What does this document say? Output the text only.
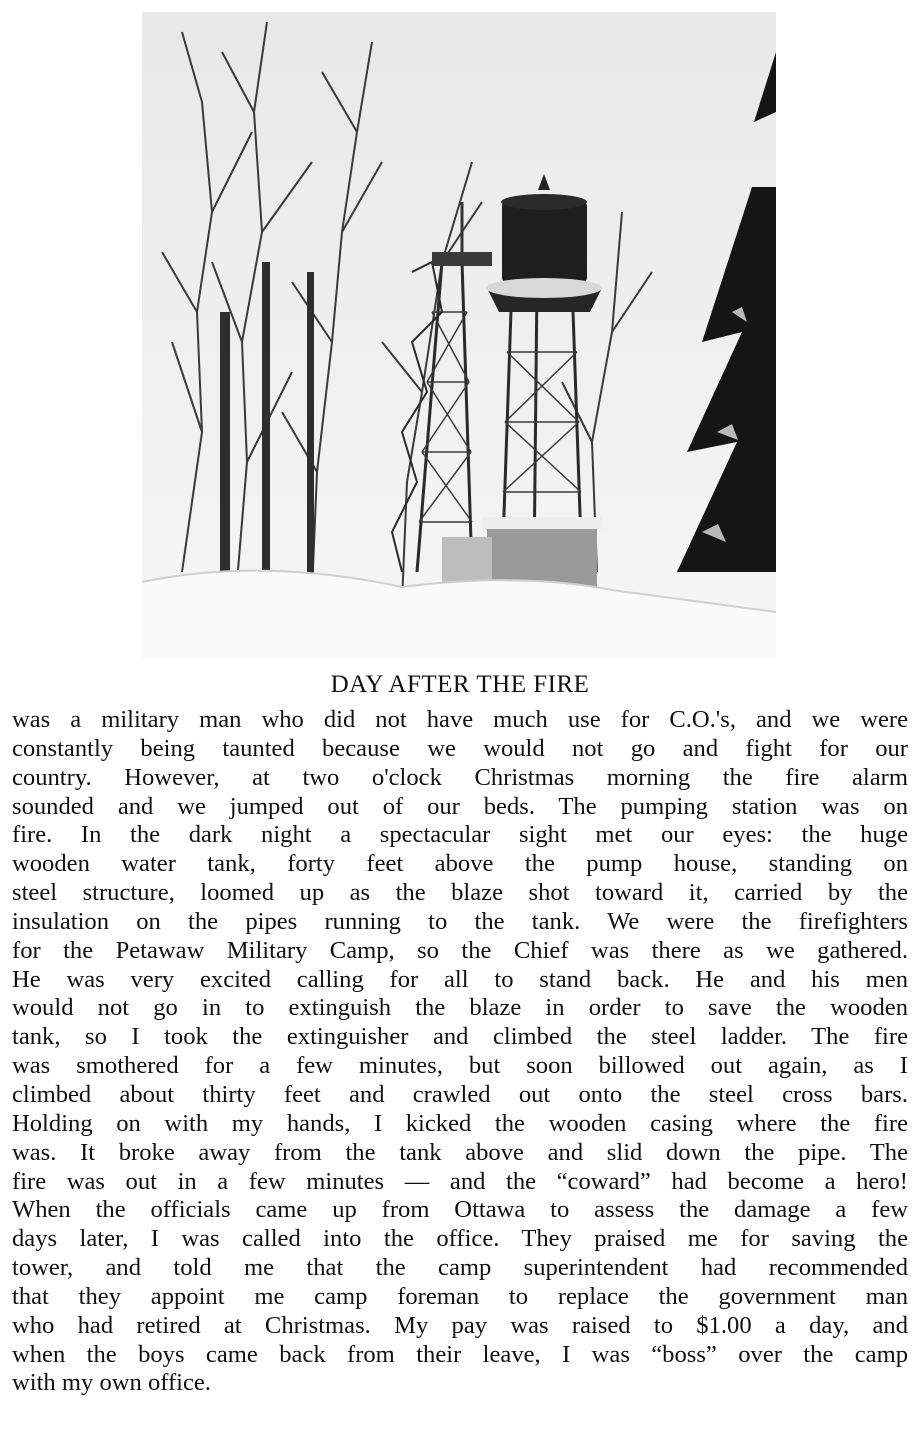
DAY AFTER THE FIRE
was a military man who did not have much use for C.O.'s, and we were
constantly being taunted because we would not go and fight for our
country. However, at two o'clock Christmas morning the fire alarm
sounded and we jumped out of our beds. The pumping station was on
fire. In the dark night a spectacular sight met our eyes: the huge
wooden water tank, forty feet above the pump house, standing on
steel structure, loomed up as the blaze shot toward it, carried by the
insulation on the pipes running to the tank. We were the firefighters
for the Petawaw Military Camp, so the Chief was there as we gathered.
He was very excited calling for all to stand back. He and his men
would not go in to extinguish the blaze in order to save the wooden
tank, so I took the extinguisher and climbed the steel ladder. The fire
was smothered for a few minutes, but soon billowed out again, as I
climbed about thirty feet and crawled out onto the steel cross bars.
Holding on with my hands, I kicked the wooden casing where the fire
was. It broke away from the tank above and slid down the pipe. The
fire was out in a few minutes — and the “coward” had become a hero!
When the officials came up from Ottawa to assess the damage a few
days later, I was called into the office. They praised me for saving the
tower, and told me that the camp superintendent had recommended
that they appoint me camp foreman to replace the government man
who had retired at Christmas. My pay was raised to $1.00 a day, and
when the boys came back from their leave, I was “boss” over the camp
with my own office.
